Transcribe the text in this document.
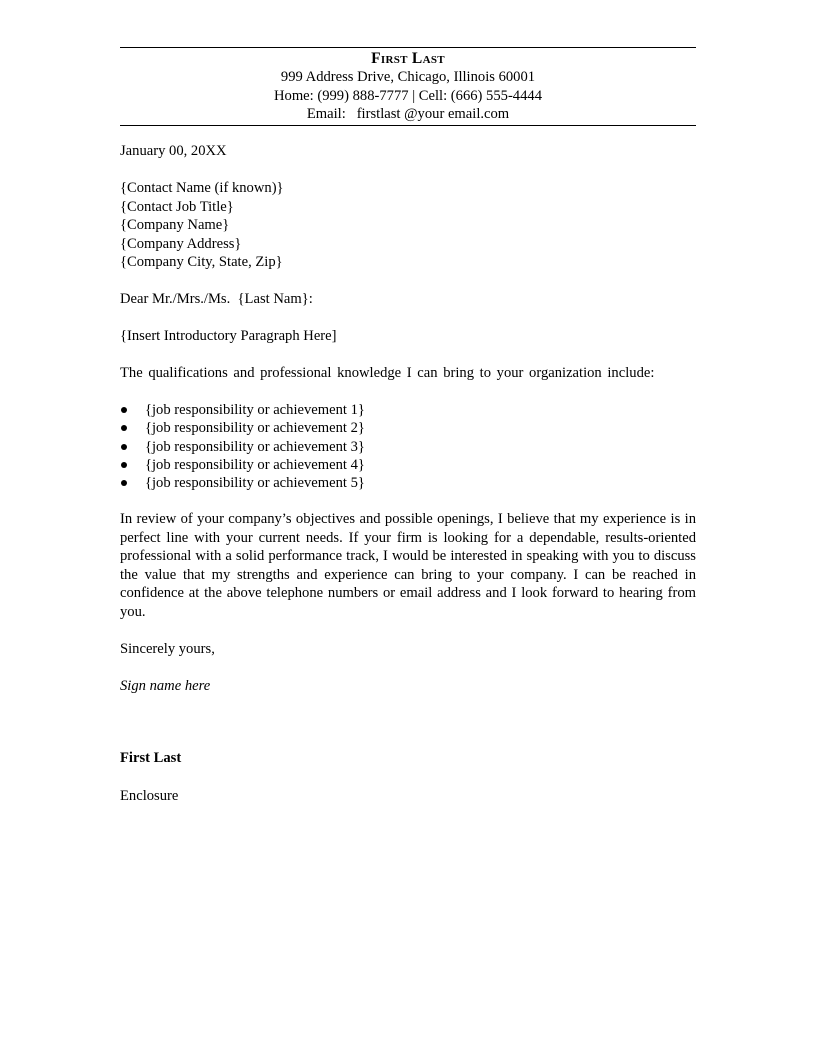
First Last
999 Address Drive, Chicago, Illinois 60001
Home: (999) 888-7777 | Cell: (666) 555-4444
Email:   firstlast @your email.com
January 00, 20XX
{Contact Name (if known)}
{Contact Job Title}
{Company Name}
{Company Address}
{Company City, State, Zip}
Dear Mr./Mrs./Ms.  {Last Nam}:
{Insert Introductory Paragraph Here]
The qualifications and professional knowledge I can bring to your organization include:
{job responsibility or achievement 1}
{job responsibility or achievement 2}
{job responsibility or achievement 3}
{job responsibility or achievement 4}
{job responsibility or achievement 5}

In review of your company’s objectives and possible openings, I believe that my experience is in perfect line with your current needs. If your firm is looking for a dependable, results-oriented professional with a solid performance track, I would be interested in speaking with you to discuss the value that my strengths and experience can bring to your company. I can be reached in confidence at the above telephone numbers or email address and I look forward to hearing from you.

Sincerely yours,
Sign name here
First Last
Enclosure
